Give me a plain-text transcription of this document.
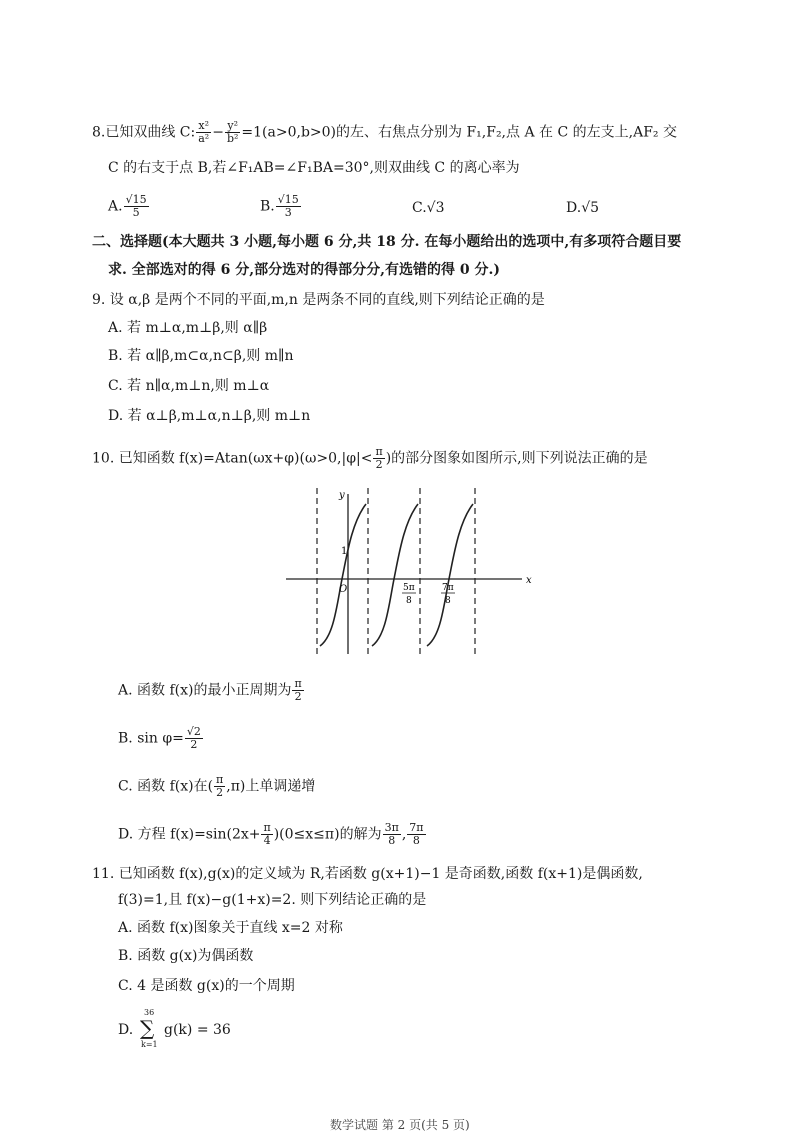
8.已知双曲线 C: $\frac{\text{x²}}{\text{a²}} - \frac{\text{y²}}{\text{b²}} =1(a>0,b>0)$的左、右焦点分别为 F₁,F₂,点 A 在 C 的左支上,AF₂ 交
C 的右支于点 B,若∠F₁AB=∠F₁BA=30°,则双曲线 C 的离心率为
A. $\frac{√15}{5}$	B. $\frac{√15}{3}$	C.√3	D.√5
二、选择题(本大题共 3 小题,每小题 6 分,共 18 分. 在每小题给出的选项中,有多项符合题目要
求. 全部选对的得 6 分,部分选对的得部分分,有选错的得 0 分.)
9. 设 α,β 是两个不同的平面,m,n 是两条不同的直线,则下列结论正确的是
A. 若 m⊥α,m⊥β,则 α∥β
B. 若 α∥β,m⊂α,n⊂β,则 m∥n
C. 若 n∥α,m⊥n,则 m⊥α
D. 若 α⊥β,m⊥α,n⊥β,则 m⊥n
10. 已知函数 $f(x)=Atan(\omega x+\varphi)(\omega>0,|\varphi|< \frac{\pi}{2}$ )的部分图象如图所示,则下列说法正确的是
y
x
O
1
5π
8
7π
8
A. 函数 f(x)的最小正周期为 $\frac{\pi}{2}$
B. $\sin \varphi= \frac{√2}{2}$
C. 函数 f(x)在( $\frac{\pi}{2} ,\pi$)上单调递增
D. 方程 $f(x)=\sin(2x+ \frac{\pi}{4} )(0\le x\le\pi)$的解为 $\frac{3\pi}{8}$ , $\frac{7\pi}{8}$
11. 已知函数 f(x),g(x)的定义域为 R,若函数 g(x+1)−1 是奇函数,函数 f(x+1)是偶函数,
f(3)=1,且 f(x)−g(1+x)=2. 则下列结论正确的是
A. 函数 f(x)图象关于直线 x=2 对称
B. 函数 g(x)为偶函数
C. 4 是函数 g(x)的一个周期
D.
36
∑
k=1
g(k) = 36
数学试题 第 2 页(共 5 页)
